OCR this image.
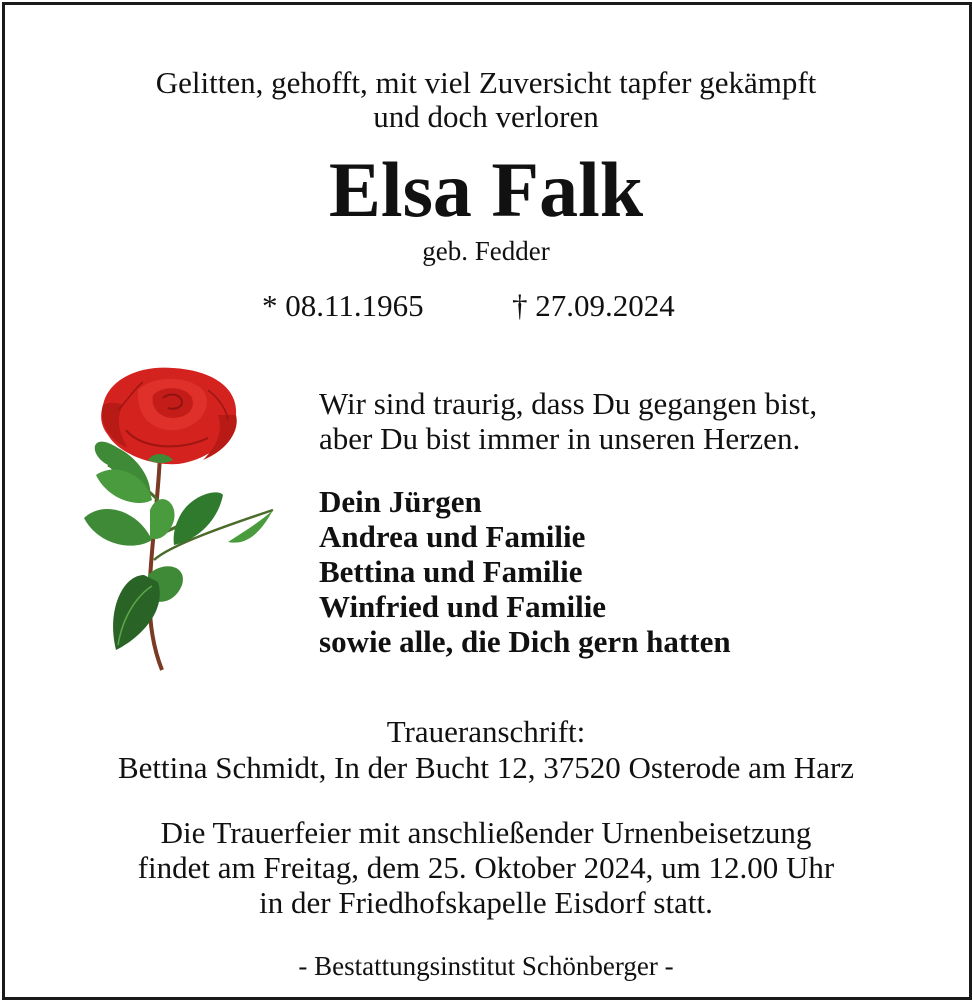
Gelitten, gehofft, mit viel Zuversicht tapfer gekämpft
und doch verloren
Elsa Falk
geb. Fedder
* 08.11.1965	† 27.09.2024
Wir sind traurig, dass Du gegangen bist,
aber Du bist immer in unseren Herzen.
Dein Jürgen
Andrea und Familie
Bettina und Familie
Winfried und Familie
sowie alle, die Dich gern hatten
Traueranschrift:
Bettina Schmidt, In der Bucht 12, 37520 Osterode am Harz
Die Trauerfeier mit anschließender Urnenbeisetzung
findet am Freitag, dem 25. Oktober 2024, um 12.00 Uhr
in der Friedhofskapelle Eisdorf statt.
- Bestattungsinstitut Schönberger -
